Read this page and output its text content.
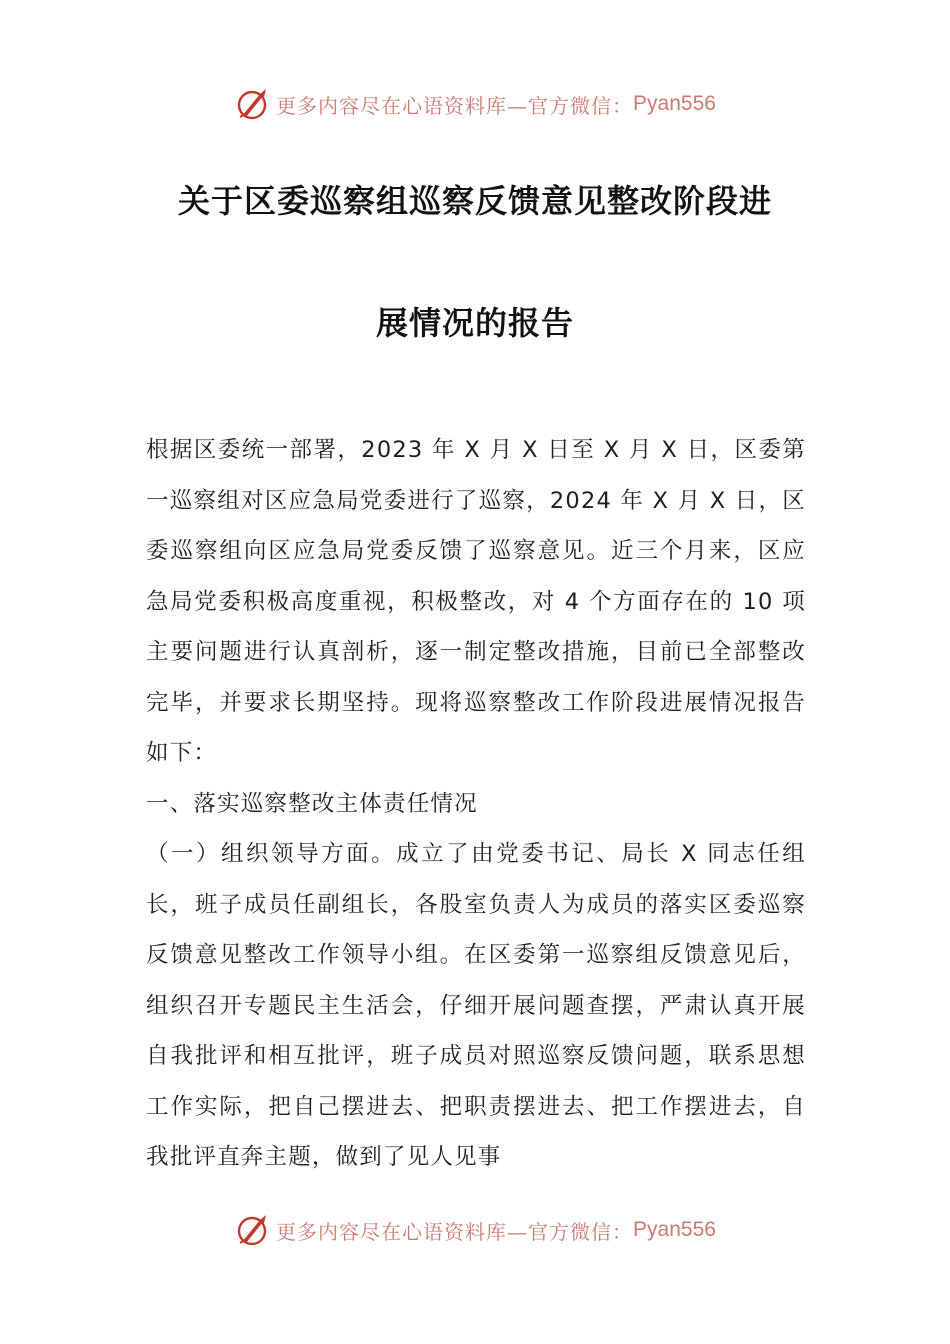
更多内容尽在心语资料库—官方微信： Pyan556
关于区委巡察组巡察反馈意见整改阶段进
展情况的报告

根据区委统一部署，2023 年 X 月 X 日至 X 月 X 日，区委第一巡察组对区应急局党委进行了巡察，2024 年 X 月 X 日，区委巡察组向区应急局党委反馈了巡察意见。近三个月来，区应急局党委积极高度重视，积极整改，对 4 个方面存在的 10 项主要问题进行认真剖析，逐一制定整改措施，目前已全部整改完毕，并要求长期坚持。现将巡察整改工作阶段进展情况报告如下：

一、落实巡察整改主体责任情况

（一）组织领导方面。成立了由党委书记、局长 X 同志任组长，班子成员任副组长，各股室负责人为成员的落实区委巡察反馈意见整改工作领导小组。在区委第一巡察组反馈意见后，组织召开专题民主生活会，仔细开展问题查摆，严肃认真开展自我批评和相互批评，班子成员对照巡察反馈问题，联系思想工作实际，把自己摆进去、把职责摆进去、把工作摆进去，自我批评直奔主题，做到了见人见事

更多内容尽在心语资料库—官方微信： Pyan556
